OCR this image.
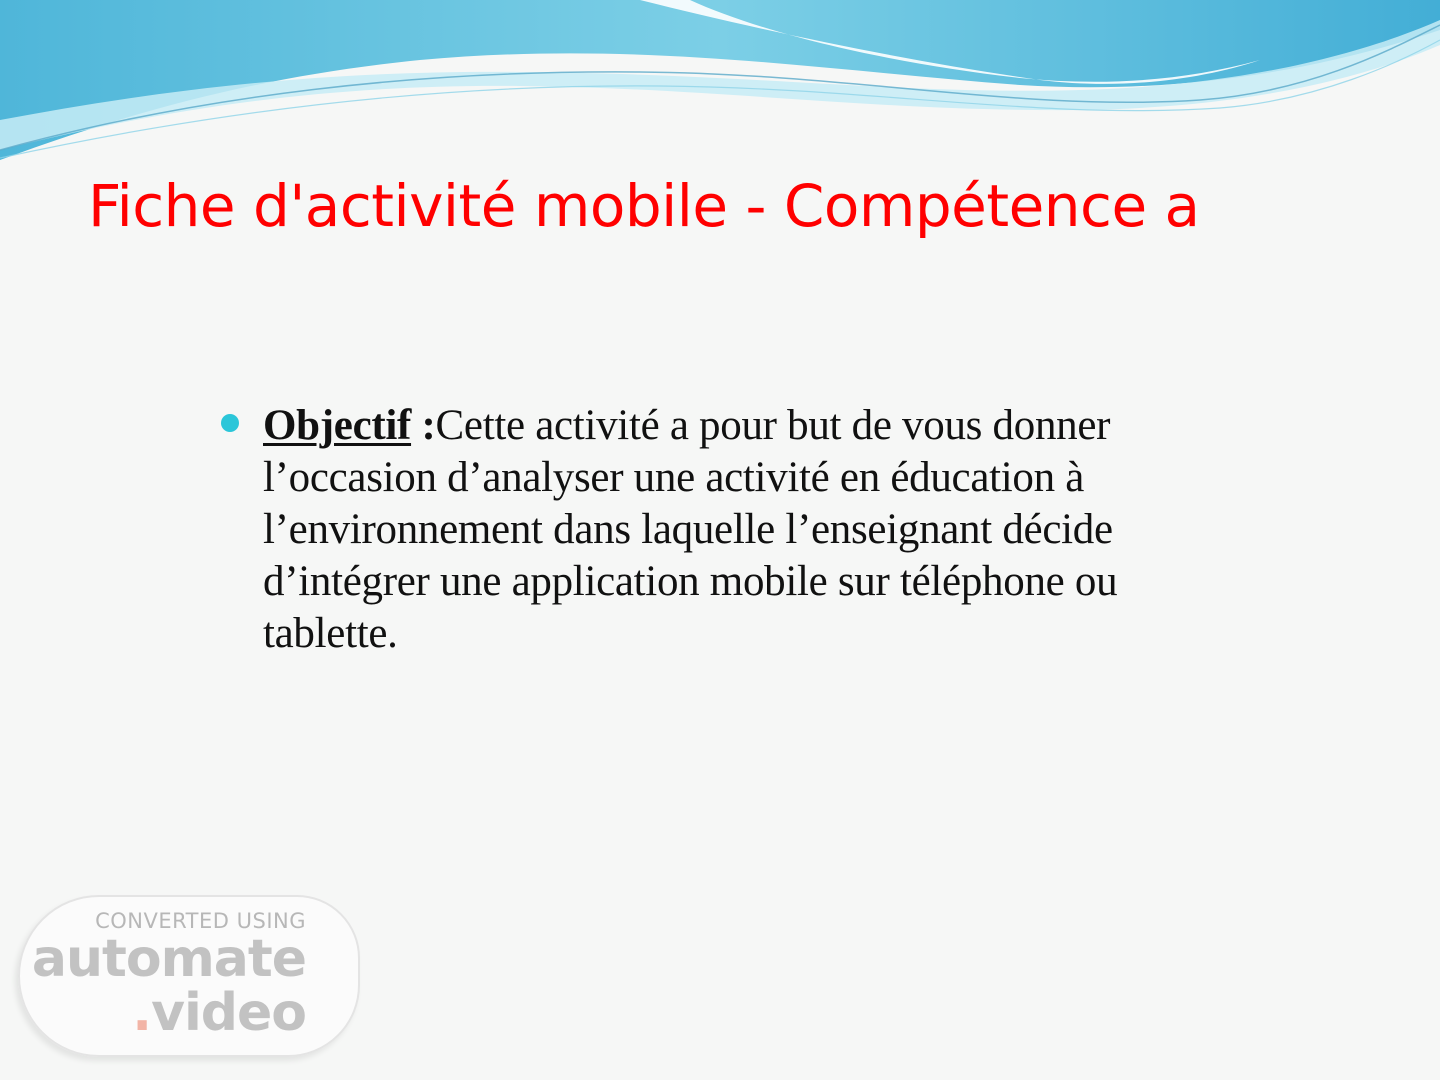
Fiche d'activité mobile - Compétence a
Objectif :Cette activité a pour but de vous donner l’occasion d’analyser une activité en éducation à l’environnement dans laquelle l’enseignant décide d’intégrer une application mobile sur téléphone ou tablette.
CONVERTED USING
automate
.video
